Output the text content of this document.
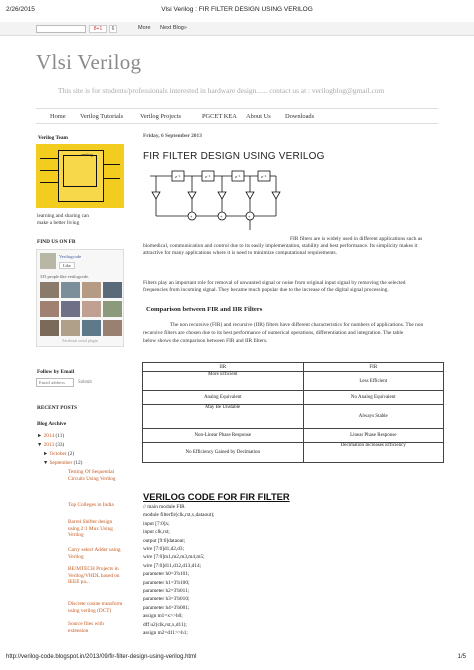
2/26/2015	Vlsi Verilog : FIR FILTER DESIGN USING VERILOG
8+1	6	More Next Blog»
Vlsi Verilog
This site is for students/professionals interested in hardware design...... contact us at : verilogblog@gmail.com
Home Verilog Tutorials	Verilog Projects	PGCET KEA About Us Downloads
Verilog Team
verilog
learning and sharing can
make a better living
FIND US ON FB
Verilogcode
Like
335 people like verilogcode.
Facebook social plugin
Follow by Email
Email address	Submit
RECENT POSTS
Blog Archive
► 2014 (11)
▼ 2013 (33)
► October (2)
▼ September (12)
Testing Of Sequential Circuits Using Verilog
Top Colleges in India
Barrel Shifter design using 2:1 Mux Using Verilog
Carry select Adder using Verilog
BE/MTECH Projects in Verilog/VHDL based on IEEE pa...
Discrete cosine transform using verilog (DCT)
Source files with extension
Friday, 6 September 2013
FIR FILTER DESIGN USING VERILOG
z⁻¹	z⁻¹	z⁻¹	z⁻¹
+	+	+
FIR filters are is widely used in different applications such as
biomedical, communication and control due to its easily implementation, stability and best performance. Its simplicity makes it
attractive for many applications where it is need to minimize computational requirements.
Filters play an important role for removal of unwanted signal or noise from original input signal by removing the selected
frequencies from incoming signal. They became much popular due to the increase of the digital signal processing.
Comparison between FIR and IIR Filters
The non recursive (FIR) and recursive (IIR) filters have different characteristics for numbers of applications. The non
recursive filters are chosen due to its best performance of numerical operations, differentiation and integration. The table
below shows the comparison between FIR and IIR filters.
IIR	FIR
More Efficient	Less Efficient
Analog Equivalent	No Analog Equivalent
May Be Unstable	Always Stable
Non-Linear Phase Response	Linear Phase Response
No Efficiency Gained by Decimation	Decimation Increases Efficiency
VERILOG CODE FOR FIR FILTER
// main module FIR
module filterfir(clk,rst,x,dataout);
input [7:0]x;
input clk,rst;
output [9:0]dataout;
wire [7:0]d1,d2,d3;
wire [7:0]m1,m2,m3,m4,m5;
wire [7:0]d11,d12,d13,d14;
parameter h0=3'b101;
parameter h1=3'b100;
parameter h2=3'b011;
parameter h3=3'b010;
parameter h4=3'b001;
assign m1=x>>h0;
dff u2(clk,rst,x,d11);
assign m2=d11>>h1;
http://verilog-code.blogspot.in/2013/09/fir-filter-design-using-verilog.html	1/5
